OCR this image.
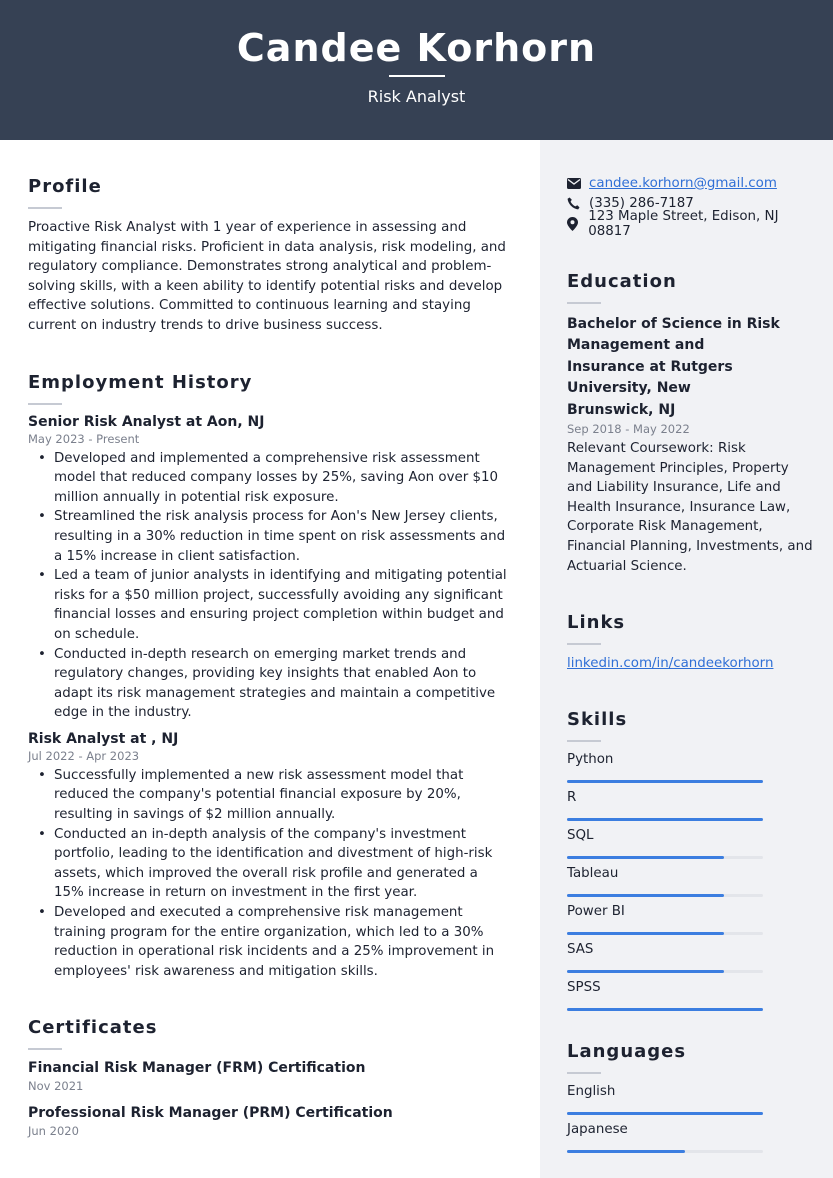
Candee Korhorn
Risk Analyst
Profile

Proactive Risk Analyst with 1 year of experience in assessing and mitigating financial risks. Proficient in data analysis, risk modeling, and regulatory compliance. Demonstrates strong analytical and problem-solving skills, with a keen ability to identify potential risks and develop effective solutions. Committed to continuous learning and staying current on industry trends to drive business success.

Employment History
Senior Risk Analyst at Aon, NJ
May 2023 - Present
• Developed and implemented a comprehensive risk assessment model that reduced company losses by 25%, saving Aon over $10 million annually in potential risk exposure.
• Streamlined the risk analysis process for Aon's New Jersey clients, resulting in a 30% reduction in time spent on risk assessments and a 15% increase in client satisfaction.
• Led a team of junior analysts in identifying and mitigating potential risks for a $50 million project, successfully avoiding any significant financial losses and ensuring project completion within budget and on schedule.
• Conducted in-depth research on emerging market trends and regulatory changes, providing key insights that enabled Aon to adapt its risk management strategies and maintain a competitive edge in the industry.
Risk Analyst at , NJ
Jul 2022 - Apr 2023
• Successfully implemented a new risk assessment model that reduced the company's potential financial exposure by 20%, resulting in savings of $2 million annually.
• Conducted an in-depth analysis of the company's investment portfolio, leading to the identification and divestment of high-risk assets, which improved the overall risk profile and generated a 15% increase in return on investment in the first year.
• Developed and executed a comprehensive risk management training program for the entire organization, which led to a 30% reduction in operational risk incidents and a 25% improvement in employees' risk awareness and mitigation skills.
Certificates
Financial Risk Manager (FRM) Certification
Nov 2021
Professional Risk Manager (PRM) Certification
Jun 2020
candee.korhorn@gmail.com
(335) 286-7187
123 Maple Street, Edison, NJ 08817
Education
Bachelor of Science in Risk Management and Insurance at Rutgers University, New Brunswick, NJ
Sep 2018 - May 2022

Relevant Coursework: Risk Management Principles, Property and Liability Insurance, Life and Health Insurance, Insurance Law, Corporate Risk Management, Financial Planning, Investments, and Actuarial Science.

Links
linkedin.com/in/candeekorhorn
Skills
Python
R
SQL
Tableau
Power BI
SAS
SPSS
Languages
English
Japanese
